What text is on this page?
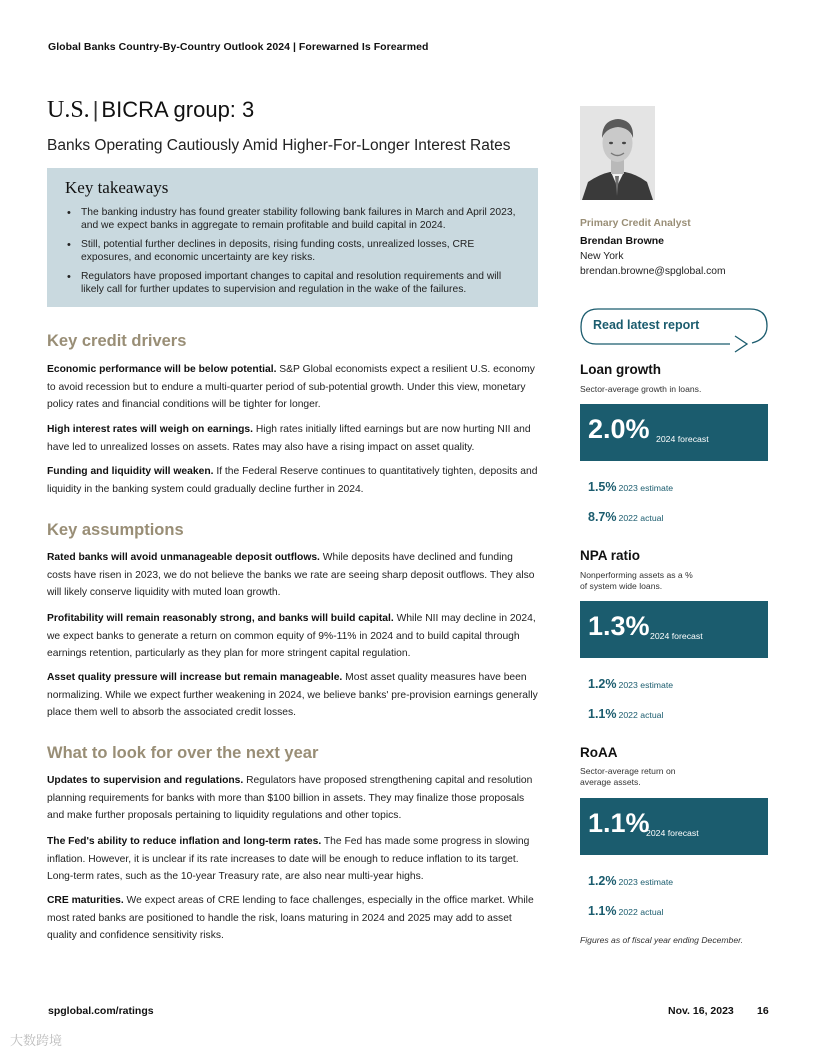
Global Banks Country-By-Country Outlook 2024 | Forewarned Is Forearmed
U.S. | BICRA group: 3
Banks Operating Cautiously Amid Higher-For-Longer Interest Rates
Key takeaways
• The banking industry has found greater stability following bank failures in March and April 2023, and we expect banks in aggregate to remain profitable and build capital in 2024.
• Still, potential further declines in deposits, rising funding costs, unrealized losses, CRE exposures, and economic uncertainty are key risks.
• Regulators have proposed important changes to capital and resolution requirements and will likely call for further updates to supervision and regulation in the wake of the failures.
Key credit drivers
Economic performance will be below potential. S&P Global economists expect a resilient U.S. economy to avoid recession but to endure a multi-quarter period of sub-potential growth. Under this view, monetary policy rates and financial conditions will be tighter for longer.
High interest rates will weigh on earnings. High rates initially lifted earnings but are now hurting NII and have led to unrealized losses on assets. Rates may also have a rising impact on asset quality.
Funding and liquidity will weaken. If the Federal Reserve continues to quantitatively tighten, deposits and liquidity in the banking system could gradually decline further in 2024.
Key assumptions
Rated banks will avoid unmanageable deposit outflows. While deposits have declined and funding costs have risen in 2023, we do not believe the banks we rate are seeing sharp deposit outflows. They also will likely conserve liquidity with muted loan growth.
Profitability will remain reasonably strong, and banks will build capital. While NII may decline in 2024, we expect banks to generate a return on common equity of 9%-11% in 2024 and to build capital through earnings retention, particularly as they plan for more stringent capital regulation.
Asset quality pressure will increase but remain manageable. Most asset quality measures have been normalizing. While we expect further weakening in 2024, we believe banks' pre-provision earnings generally place them well to absorb the associated credit losses.
What to look for over the next year
Updates to supervision and regulations. Regulators have proposed strengthening capital and resolution planning requirements for banks with more than $100 billion in assets. They may finalize those proposals and make further proposals pertaining to liquidity regulations and other topics.
The Fed's ability to reduce inflation and long-term rates. The Fed has made some progress in slowing inflation. However, it is unclear if its rate increases to date will be enough to reduce inflation to its target. Long-term rates, such as the 10-year Treasury rate, are also near multi-year highs.
CRE maturities. We expect areas of CRE lending to face challenges, especially in the office market. While most rated banks are positioned to handle the risk, loans maturing in 2024 and 2025 may add to asset quality and confidence sensitivity risks.
Primary Credit Analyst
Brendan Browne
New York
brendan.browne@spglobal.com
Read latest report
Loan growth
Sector-average growth in loans.
2.0% 2024 forecast
1.5% 2023 estimate
8.7% 2022 actual
NPA ratio
Nonperforming assets as a % of system wide loans.
1.3% 2024 forecast
1.2% 2023 estimate
1.1% 2022 actual
RoAA
Sector-average return on average assets.
1.1%
2024 forecast
1.2% 2023 estimate
1.1% 2022 actual
Figures as of fiscal year ending December.
spglobal.com/ratings	Nov. 16, 2023 16
大数跨境
